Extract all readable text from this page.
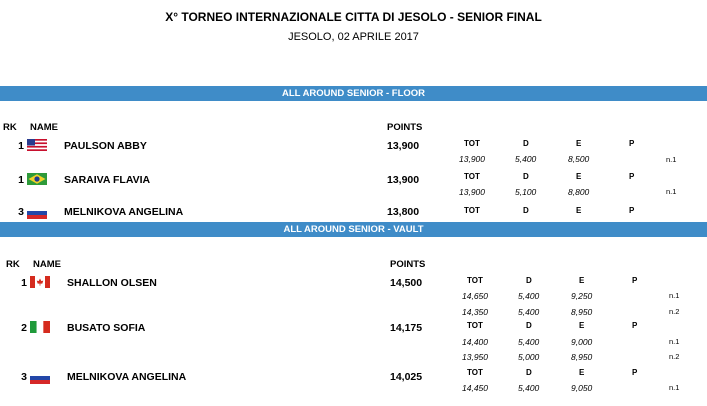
X° TORNEO INTERNAZIONALE CITTA DI JESOLO - SENIOR FINAL
JESOLO, 02 APRILE 2017
ALL AROUND SENIOR - FLOOR
RK NAME	POINTS
1	PAULSON ABBY	13,900	TOT	D	E	P
13,900	5,400	8,500	n.1
1	SARAIVA FLAVIA	13,900	TOT	D	E	P
13,900	5,100	8,800	n.1
3	MELNIKOVA ANGELINA	13,800	TOT	D	E	P
ALL AROUND SENIOR - VAULT
RK NAME	POINTS
1	SHALLON OLSEN	14,500	TOT	D	E	P
14,650	5,400	9,250	n.1
14,350	5,400	8,950	n.2
2	BUSATO SOFIA	14,175	TOT	D	E	P
14,400	5,400	9,000	n.1
13,950	5,000	8,950	n.2
3	MELNIKOVA ANGELINA	14,025	TOT	D	E	P
14,450	5,400	9,050	n.1
